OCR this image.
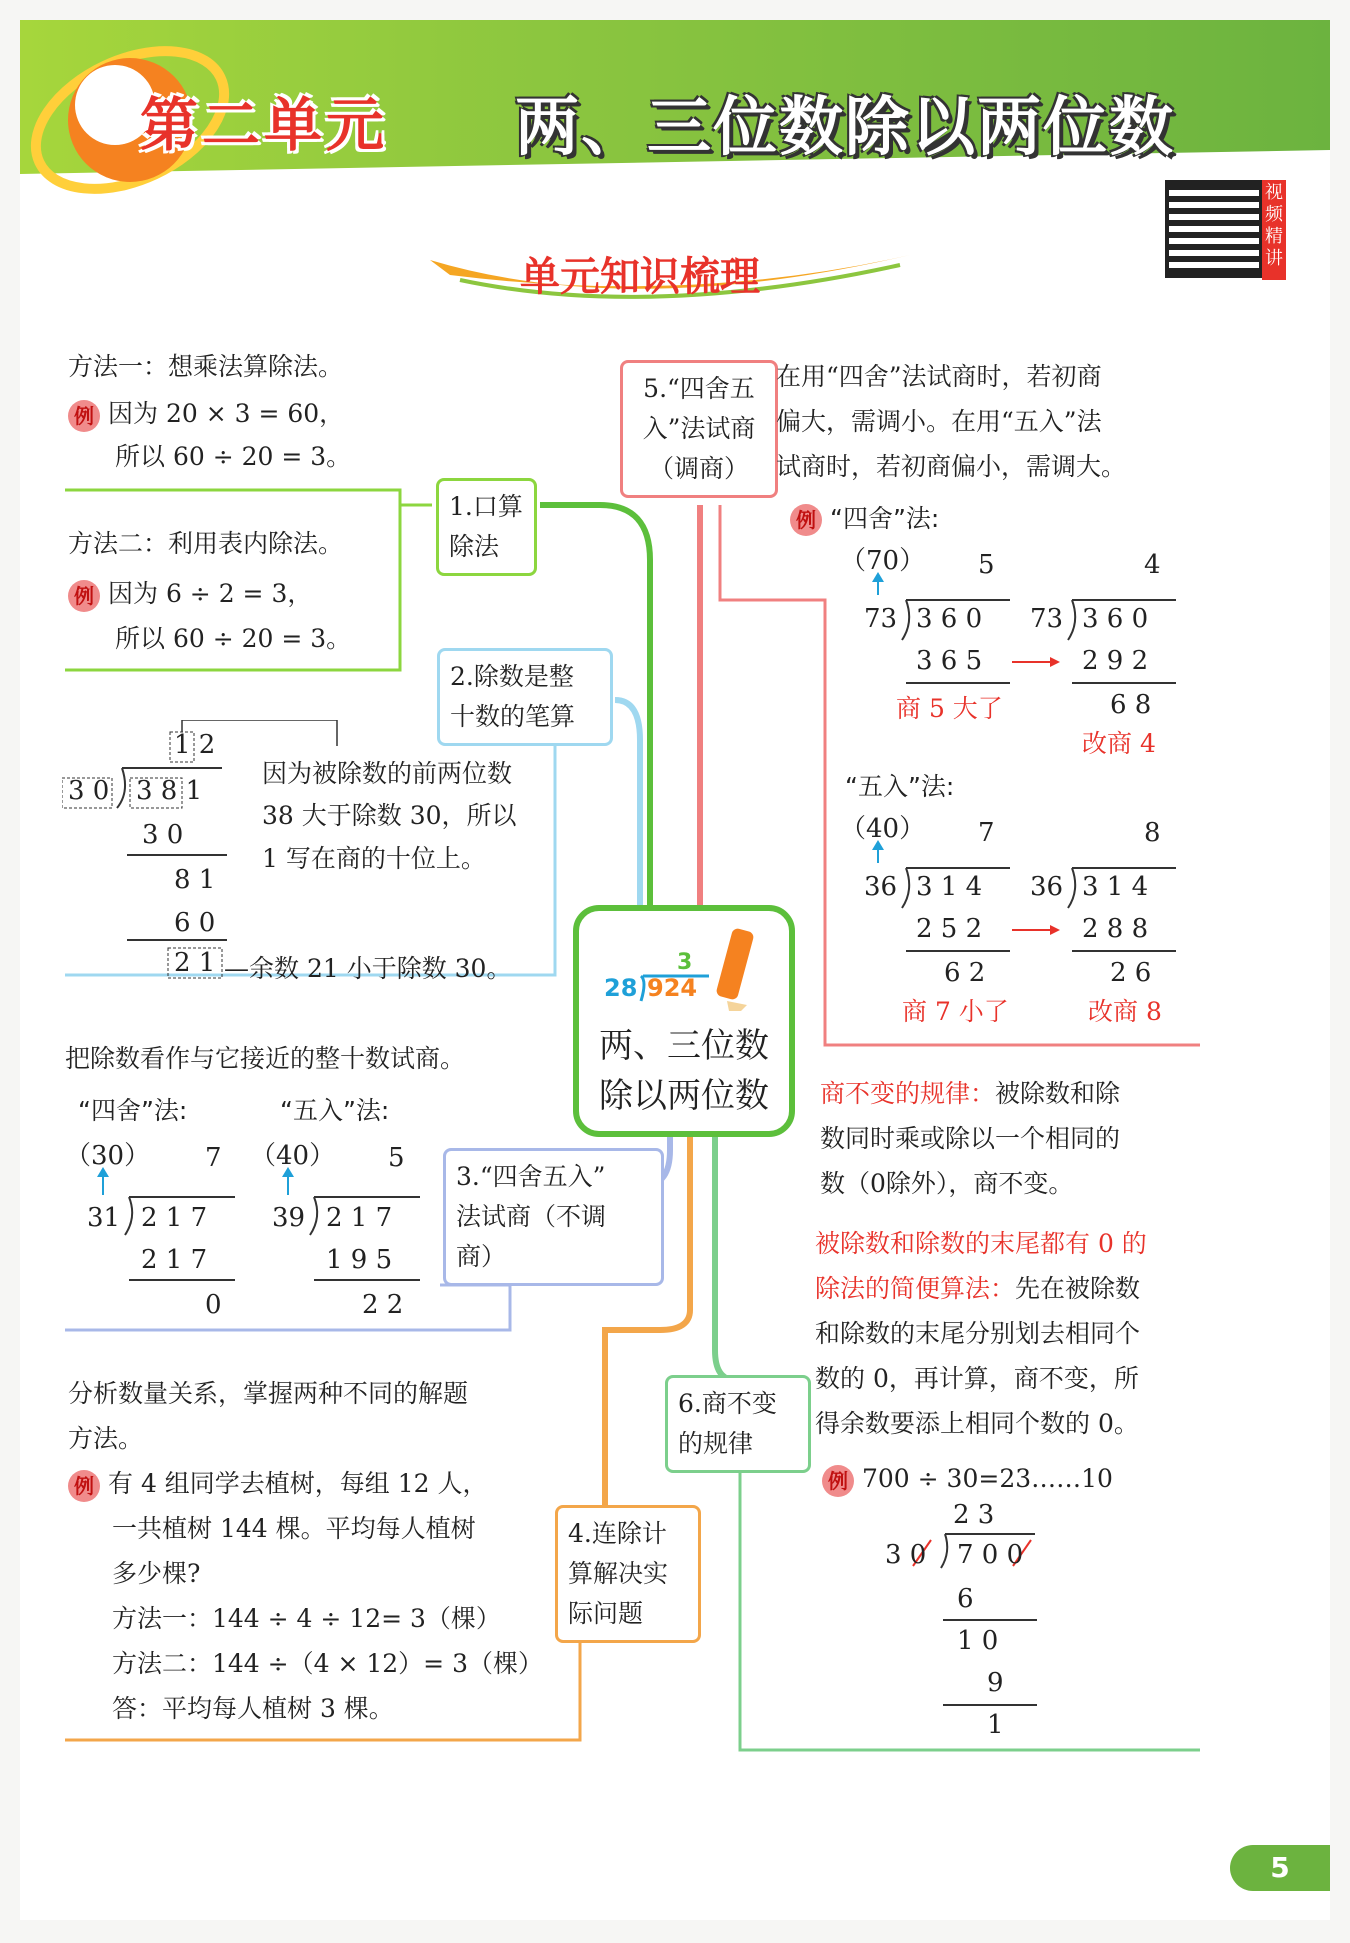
第二单元 两、三位数除以两位数
视频精讲
单元知识梳理
28 924
3
两、三位数
除以两位数
1.口算
除法
方法一：想乘法算除法。
例 因为 20 × 3 = 60，
所以 60 ÷ 20 = 3。
方法二：利用表内除法。
例 因为 6 ÷ 2 = 3，
所以 60 ÷ 20 = 3。
2.除数是整
十数的笔算
1 2
3 0 3 8 1
3 0
8 1
6 0
2 1
因为被除数的前两位数
38 大于除数 30，所以
1 写在商的十位上。
—余数 21 小于除数 30。
把除数看作与它接近的整十数试商。
“四舍”法:	“五入”法:
（30） 7
31 2 1 7
2 1 7
0
（40） 5
39 2 1 7
1 9 5
2 2
3.“四舍五入”
法试商（不调
商）
分析数量关系，掌握两种不同的解题
方法。
例 有 4 组同学去植树，每组 12 人，
一共植树 144 棵。平均每人植树
多少棵?
方法一：144 ÷ 4 ÷ 12= 3（棵）
方法二：144 ÷（4 × 12）= 3（棵）
答：平均每人植树 3 棵。
4.连除计
算解决实
际问题
5.“四舍五
入”法试商
（调商）
在用“四舍”法试商时，若初商
偏大，需调小。在用“五入”法
试商时，若初商偏小，需调大。
例 “四舍”法:
（70） 5	4
73 3 6 0 73 3 6 0
3 6 5	2 9 2
6 8
商 5 大了
改商 4
“五入”法:
（40） 7	8
36 3 1 4 36 3 1 4
2 5 2	2 8 8
6 2	2 6
商 7 小了	改商 8
6.商不变
的规律
商不变的规律：被除数和除
数同时乘或除以一个相同的
数（0除外），商不变。
被除数和除数的末尾都有 0 的
除法的简便算法：先在被除数
和除数的末尾分别划去相同个
数的 0，再计算，商不变，所
得余数要添上相同个数的 0。
例 700 ÷ 30=23……10
2 3
3 0 7 0 0
6
1 0
9
1
5
